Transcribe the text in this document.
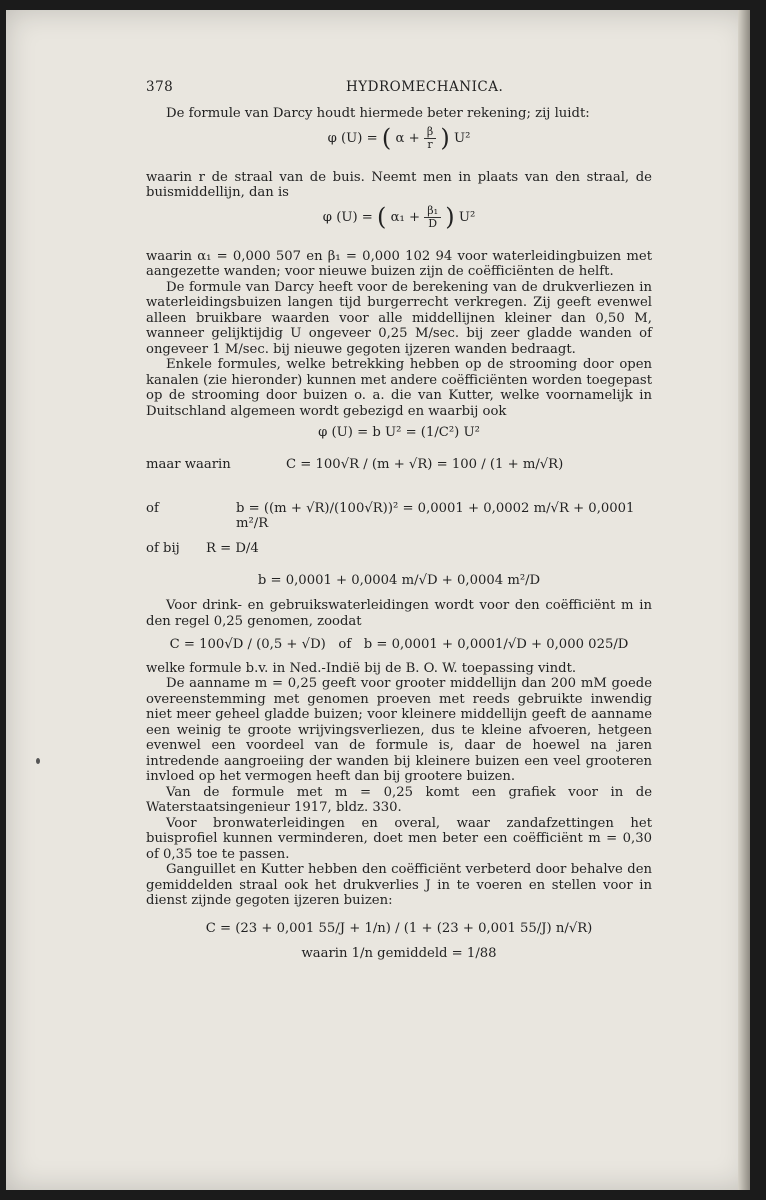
378	HYDROMECHANICA.

De formule van Darcy houdt hiermede beter rekening; zij luidt:

φ (U) = ( $\alpha + \frac{\beta}{r}$ ) U²

waarin r de straal van de buis. Neemt men in plaats van den straal, de buismiddellijn, dan is

φ (U) = ( $\alpha_1 + \frac{\text{β₁}}{D}$ ) U²

waarin α₁ = 0,000 507 en β₁ = 0,000 102 94 voor waterleidingbuizen met aangezette wanden; voor nieuwe buizen zijn de coëfficiënten de helft.

De formule van Darcy heeft voor de berekening van de drukverliezen in waterleidingsbuizen langen tijd burgerrecht verkregen. Zij geeft evenwel alleen bruikbare waarden voor alle middellijnen kleiner dan 0,50 M, wanneer gelijktijdig U ongeveer 0,25 M/sec. bij zeer gladde wanden of ongeveer 1 M/sec. bij nieuwe gegoten ijzeren wanden bedraagt.

Enkele formules, welke betrekking hebben op de strooming door open kanalen (zie hieronder) kunnen met andere coëfficiënten worden toegepast op de strooming door buizen o. a. die van Kutter, welke voornamelijk in Duitschland algemeen wordt gebezigd en waarbij ook

φ (U) = b U² = (1/C²) U²
maar waarin	C = 100√R / (m + √R) = 100 / (1 + m/√R)
of	b = ((m + √R)/(100√R))² = 0,0001 + 0,0002 m/√R + 0,0001 m²/R
of bij R = D/4
b = 0,0001 + 0,0004 m/√D + 0,0004 m²/D

Voor drink- en gebruikswaterleidingen wordt voor den coëfficiënt m in den regel 0,25 genomen, zoodat

C = 100√D / (0,5 + √D) of b = 0,0001 + 0,0001/√D + 0,000 025/D

welke formule b.v. in Ned.-Indië bij de B. O. W. toepassing vindt.

De aanname m = 0,25 geeft voor grooter middellijn dan 200 mM goede overeenstemming met genomen proeven met reeds gebruikte inwendig niet meer geheel gladde buizen; voor kleinere middellijn geeft de aanname een weinig te groote wrijvingsverliezen, dus te kleine afvoeren, hetgeen evenwel een voordeel van de formule is, daar de hoewel na jaren intredende aangroeiing der wanden bij kleinere buizen een veel grooteren invloed op het vermogen heeft dan bij grootere buizen.

Van de formule met m = 0,25 komt een grafiek voor in de Waterstaatsingenieur 1917, bldz. 330.

Voor bronwaterleidingen en overal, waar zandafzettingen het buisprofiel kunnen verminderen, doet men beter een coëfficiënt m = 0,30 of 0,35 toe te passen.

Ganguillet en Kutter hebben den coëfficiënt verbeterd door behalve den gemiddelden straal ook het drukverlies J in te voeren en stellen voor in dienst zijnde gegoten ijzeren buizen:

C = (23 + 0,001 55/J + 1/n) / (1 + (23 + 0,001 55/J) n/√R)
waarin 1/n gemiddeld = 1/88
